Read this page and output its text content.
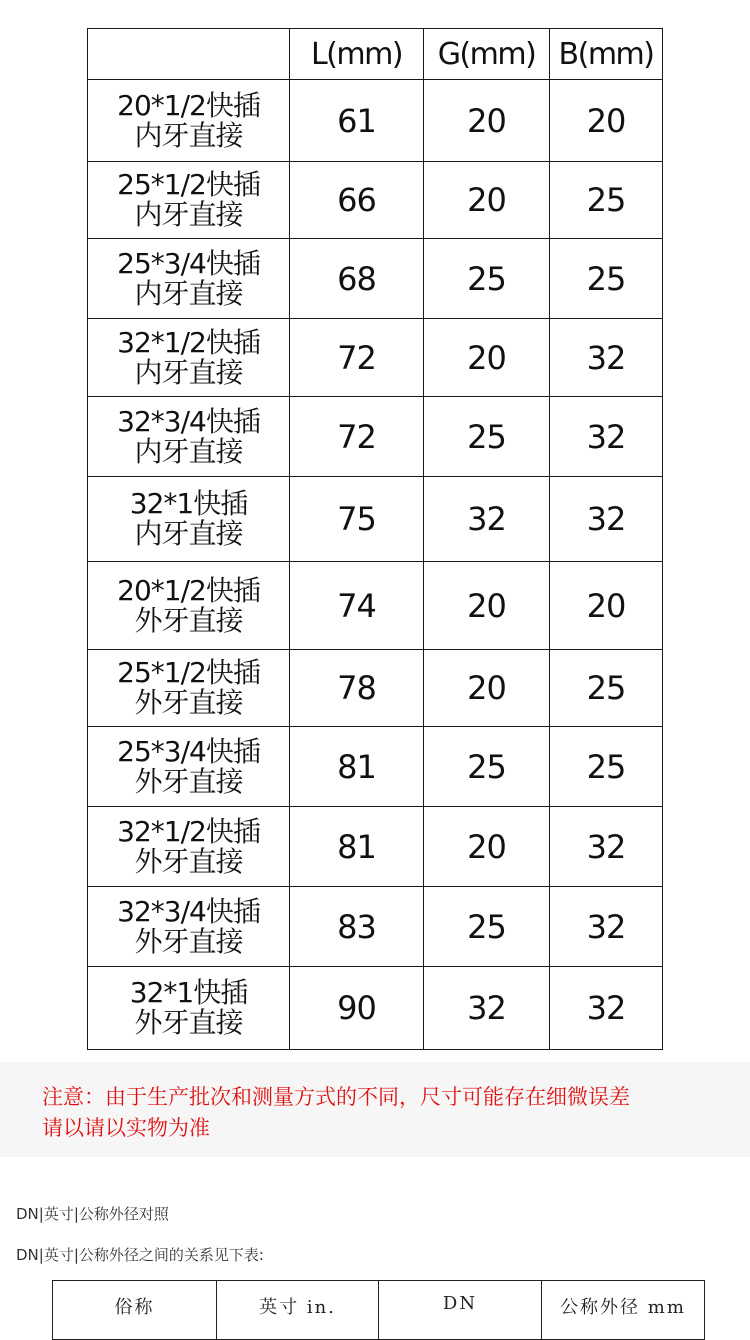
	L(mm)	G(mm)	B(mm)

20*1/2快插
内牙直接	61	20	20

25*1/2快插
内牙直接	66	20	25

25*3/4快插
内牙直接	68	25	25

32*1/2快插
内牙直接	72	20	32

32*3/4快插
内牙直接	72	25	32

32*1快插
内牙直接	75	32	32

20*1/2快插
外牙直接	74	20	20

25*1/2快插
外牙直接	78	20	25

25*3/4快插
外牙直接	81	25	25

32*1/2快插
外牙直接	81	20	32

32*3/4快插
外牙直接	83	25	32

32*1快插
外牙直接	90	32	32
注意：由于生产批次和测量方式的不同，尺寸可能存在细微误差
请以请以实物为准
DN|英寸|公称外径对照
DN|英寸|公称外径之间的关系见下表:
俗称	英寸 in.	DN	公称外径 mm
